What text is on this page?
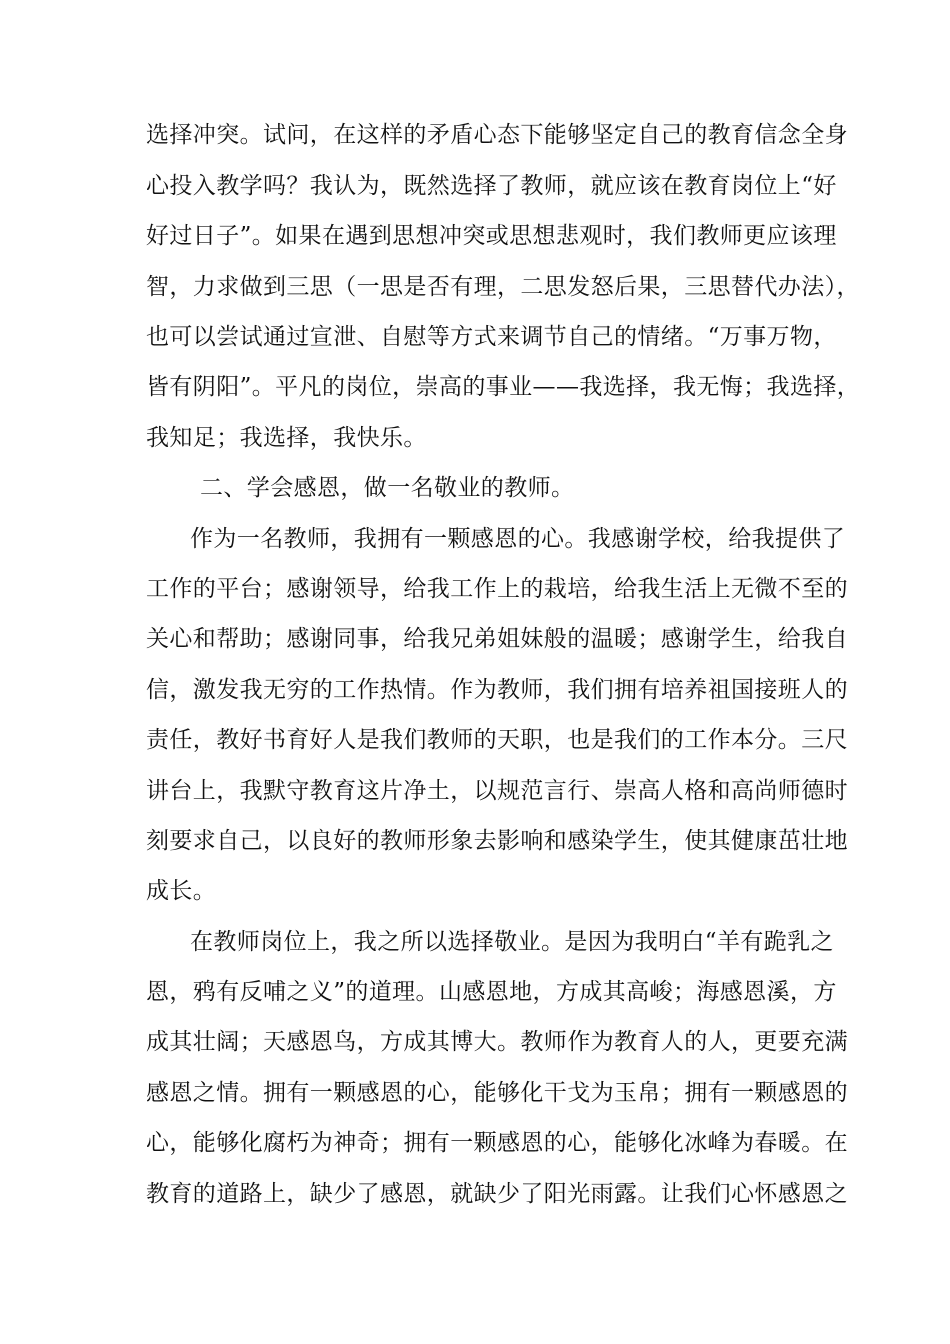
选择冲突。试问，在这样的矛盾心态下能够坚定自己的教育信念全身
心投入教学吗？我认为，既然选择了教师，就应该在教育岗位上“好
好过日子”。如果在遇到思想冲突或思想悲观时，我们教师更应该理
智，力求做到三思（一思是否有理，二思发怒后果，三思替代办法），
也可以尝试通过宣泄、自慰等方式来调节自己的情绪。“万事万物，
皆有阴阳”。平凡的岗位，崇高的事业——我选择，我无悔；我选择，
我知足；我选择，我快乐。
二、学会感恩，做一名敬业的教师。
作为一名教师，我拥有一颗感恩的心。我感谢学校，给我提供了
工作的平台；感谢领导，给我工作上的栽培，给我生活上无微不至的
关心和帮助；感谢同事，给我兄弟姐妹般的温暖；感谢学生，给我自
信，激发我无穷的工作热情。作为教师，我们拥有培养祖国接班人的
责任，教好书育好人是我们教师的天职，也是我们的工作本分。三尺
讲台上，我默守教育这片净土，以规范言行、崇高人格和高尚师德时
刻要求自己，以良好的教师形象去影响和感染学生，使其健康茁壮地
成长。
在教师岗位上，我之所以选择敬业。是因为我明白“羊有跪乳之
恩，鸦有反哺之义”的道理。山感恩地，方成其高峻；海感恩溪，方
成其壮阔；天感恩鸟，方成其博大。教师作为教育人的人，更要充满
感恩之情。拥有一颗感恩的心，能够化干戈为玉帛；拥有一颗感恩的
心，能够化腐朽为神奇；拥有一颗感恩的心，能够化冰峰为春暖。在
教育的道路上，缺少了感恩，就缺少了阳光雨露。让我们心怀感恩之
